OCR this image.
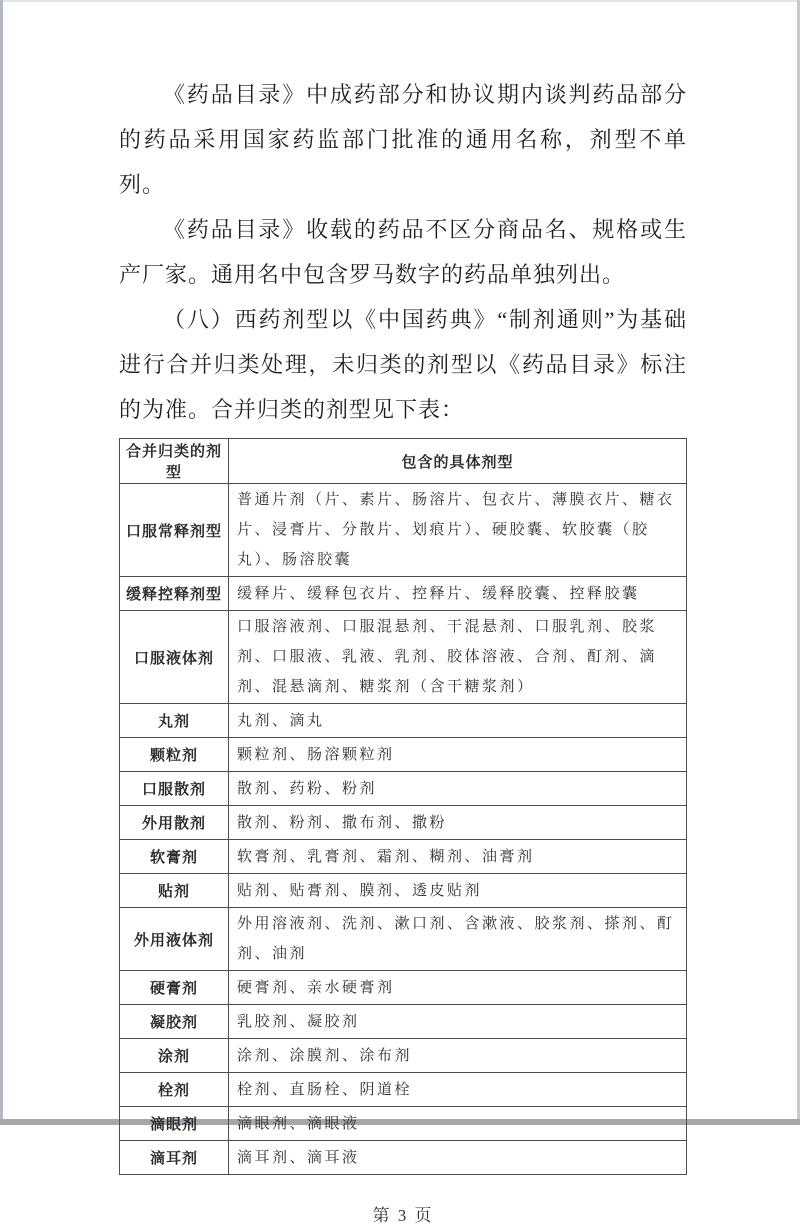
《药品目录》中成药部分和协议期内谈判药品部分的药品采用国家药监部门批准的通用名称，剂型不单列。

《药品目录》收载的药品不区分商品名、规格或生产厂家。通用名中包含罗马数字的药品单独列出。

（八）西药剂型以《中国药典》“制剂通则”为基础进行合并归类处理，未归类的剂型以《药品目录》标注的为准。合并归类的剂型见下表：

合并归类的剂型	包含的具体剂型
口服常释剂型	普通片剂（片、素片、肠溶片、包衣片、薄膜衣片、糖衣片、浸膏片、分散片、划痕片）、硬胶囊、软胶囊（胶丸）、肠溶胶囊
缓释控释剂型	缓释片、缓释包衣片、控释片、缓释胶囊、控释胶囊
口服液体剂	口服溶液剂、口服混悬剂、干混悬剂、口服乳剂、胶浆剂、口服液、乳液、乳剂、胶体溶液、合剂、酊剂、滴剂、混悬滴剂、糖浆剂（含干糖浆剂）
丸剂	丸剂、滴丸
颗粒剂	颗粒剂、肠溶颗粒剂
口服散剂	散剂、药粉、粉剂
外用散剂	散剂、粉剂、撒布剂、撒粉
软膏剂	软膏剂、乳膏剂、霜剂、糊剂、油膏剂
贴剂	贴剂、贴膏剂、膜剂、透皮贴剂
外用液体剂	外用溶液剂、洗剂、漱口剂、含漱液、胶浆剂、搽剂、酊剂、油剂
硬膏剂	硬膏剂、亲水硬膏剂
凝胶剂	乳胶剂、凝胶剂
涂剂	涂剂、涂膜剂、涂布剂
栓剂	栓剂、直肠栓、阴道栓
滴眼剂	滴眼剂、滴眼液
滴耳剂	滴耳剂、滴耳液
第 3 页
